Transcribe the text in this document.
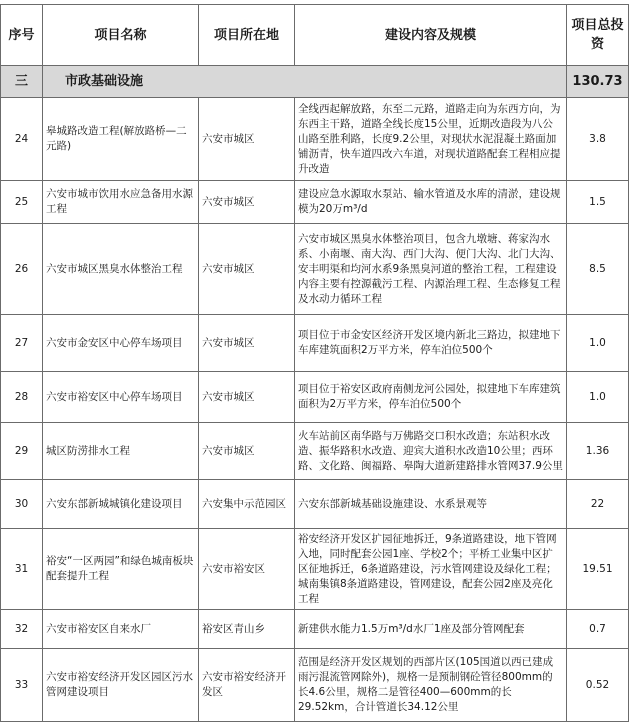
序号	项目名称	项目所在地	建设内容及规模	项目总投资
三	市政基础设施			130.73
24	皋城路改造工程(解放路桥—二元路)	六安市城区	全线西起解放路，东至二元路，道路走向为东西方向，为东西主干路，道路全线长度15公里，近期改造段为八公山路至胜利路，长度9.2公里，对现状水泥混凝土路面加铺沥青，快车道四改六车道，对现状道路配套工程相应提升改造	3.8
25	六安市城市饮用水应急备用水源工程	六安市城区	建设应急水源取水泵站、输水管道及水库的清淤，建设规模为20万m³/d	1.5
26	六安市城区黑臭水体整治工程	六安市城区	六安市城区黑臭水体整治项目，包含九墩塘、蒋家沟水系、小南堰、南大沟、西门大沟、便门大沟、北门大沟、安丰明渠和均河水系9条黑臭河道的整治工程，工程建设内容主要有控源截污工程、内源治理工程、生态修复工程及水动力循环工程	8.5
27	六安市金安区中心停车场项目	六安市城区	项目位于市金安区经济开发区境内新北三路边，拟建地下车库建筑面积2万平方米，停车泊位500个	1.0
28	六安市裕安区中心停车场项目	六安市城区	项目位于裕安区政府南侧龙河公园处，拟建地下车库建筑面积为2万平方米，停车泊位500个	1.0
29	城区防涝排水工程	六安市城区	火车站前区南华路与万佛路交口积水改造；东站积水改造、振华路积水改造、迎宾大道积水改造10公里；西环路、文化路、闽福路、皋陶大道新建路排水管网37.9公里	1.36
30	六安东部新城城镇化建设项目	六安集中示范园区	六安东部新城基础设施建设、水系景观等	22
31	裕安“一区两园”和绿色城南板块配套提升工程	六安市裕安区	裕安经济开发区扩园征地拆迁，9条道路建设，地下管网入地，同时配套公园1座、学校2个；平桥工业集中区扩区征地拆迁，6条道路建设，污水管网建设及绿化工程；城南集镇8条道路建设，管网建设，配套公园2座及亮化工程	19.51
32	六安市裕安区自来水厂	裕安区青山乡	新建供水能力1.5万m³/d水厂1座及部分管网配套	0.7
33	六安市裕安经济开发区园区污水管网建设项目	六安市裕安经济开发区	范围是经济开发区规划的西部片区(105国道以西已建成雨污混流管网除外)，规格一是预制钢砼管径800mm的长4.6公里，规格二是管径400—600mm的长29.52km，合计管道长34.12公里	0.52
